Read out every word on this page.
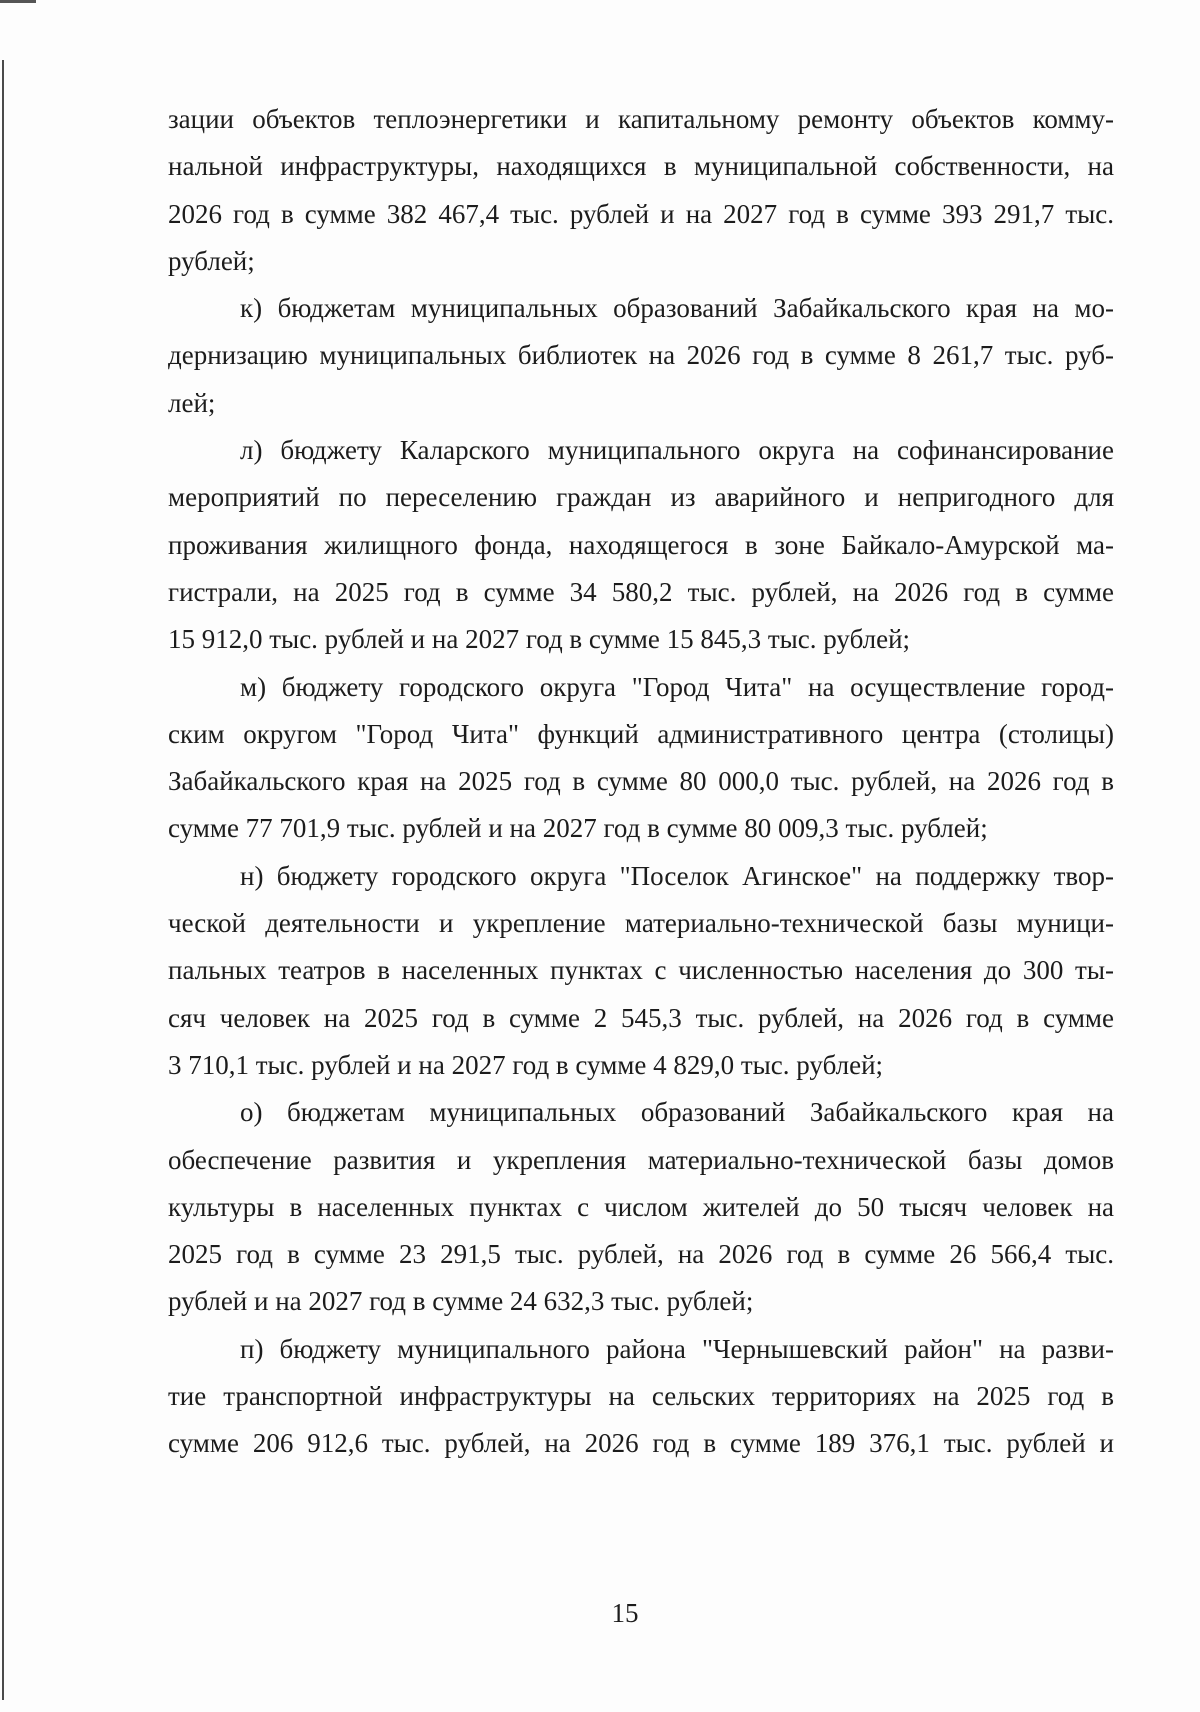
зации объектов теплоэнергетики и капитальному ремонту объектов комму-
нальной инфраструктуры, находящихся в муниципальной собственности, на
2026 год в сумме 382 467,4 тыс. рублей и на 2027 год в сумме 393 291,7 тыс.
рублей;

к) бюджетам муниципальных образований Забайкальского края на мо-
дернизацию муниципальных библиотек на 2026 год в сумме 8 261,7 тыс. руб-
лей;

л) бюджету Каларского муниципального округа на софинансирование
мероприятий по переселению граждан из аварийного и непригодного для
проживания жилищного фонда, находящегося в зоне Байкало-Амурской ма-
гистрали, на 2025 год в сумме 34 580,2 тыс. рублей, на 2026 год в сумме
15 912,0 тыс. рублей и на 2027 год в сумме 15 845,3 тыс. рублей;

м) бюджету городского округа "Город Чита" на осуществление город-
ским округом "Город Чита" функций административного центра (столицы)
Забайкальского края на 2025 год в сумме 80 000,0 тыс. рублей, на 2026 год в
сумме 77 701,9 тыс. рублей и на 2027 год в сумме 80 009,3 тыс. рублей;

н) бюджету городского округа "Поселок Агинское" на поддержку твор-
ческой деятельности и укрепление материально-технической базы муници-
пальных театров в населенных пунктах с численностью населения до 300 ты-
сяч человек на 2025 год в сумме 2 545,3 тыс. рублей, на 2026 год в сумме
3 710,1 тыс. рублей и на 2027 год в сумме 4 829,0 тыс. рублей;

о) бюджетам муниципальных образований Забайкальского края на
обеспечение развития и укрепления материально-технической базы домов
культуры в населенных пунктах с числом жителей до 50 тысяч человек на
2025 год в сумме 23 291,5 тыс. рублей, на 2026 год в сумме 26 566,4 тыс.
рублей и на 2027 год в сумме 24 632,3 тыс. рублей;

п) бюджету муниципального района "Чернышевский район" на разви-
тие транспортной инфраструктуры на сельских территориях на 2025 год в
сумме 206 912,6 тыс. рублей, на 2026 год в сумме 189 376,1 тыс. рублей и

15
